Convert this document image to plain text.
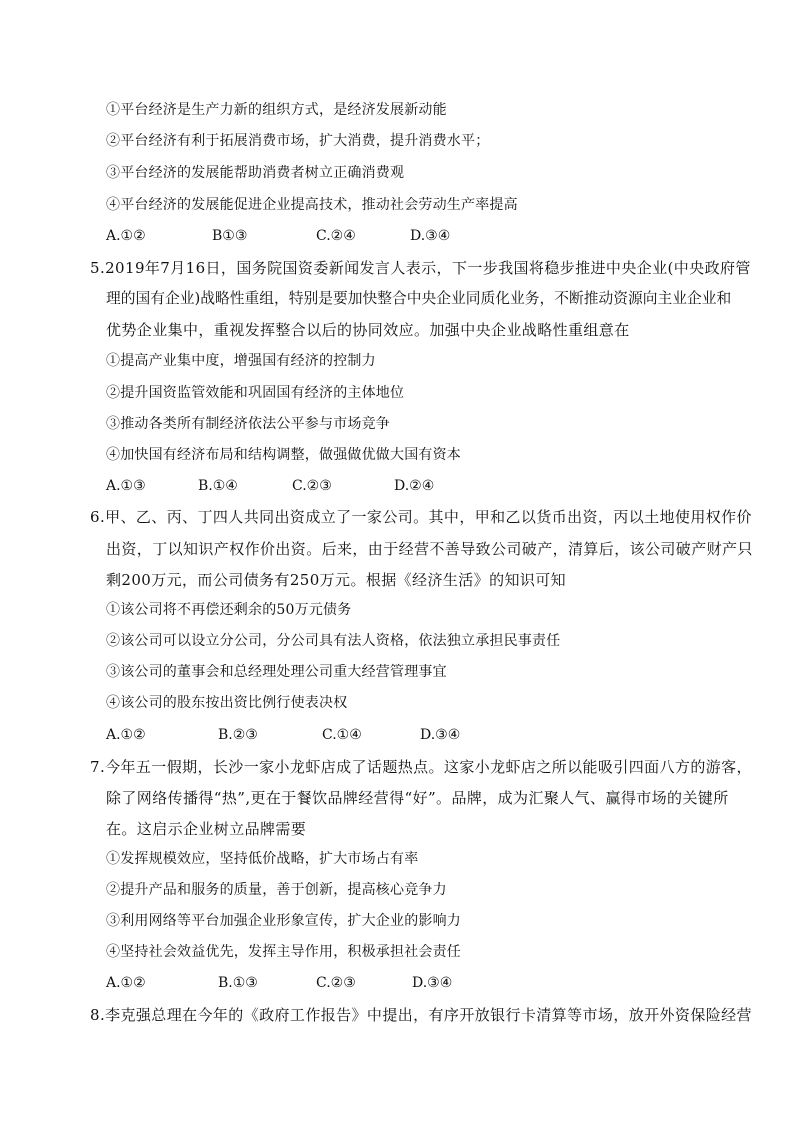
①平台经济是生产力新的组织方式，是经济发展新动能
②平台经济有利于拓展消费市场，扩大消费，提升消费水平；
③平台经济的发展能帮助消费者树立正确消费观
④平台经济的发展能促进企业提高技术，推动社会劳动生产率提高
A.①②	B①③	C.②④	D.③④
5.2019年7月16日，国务院国资委新闻发言人表示，下一步我国将稳步推进中央企业(中央政府管
理的国有企业)战略性重组，特别是要加快整合中央企业同质化业务，不断推动资源向主业企业和
优势企业集中，重视发挥整合以后的协同效应。加强中央企业战略性重组意在
①提高产业集中度，增强国有经济的控制力
②提升国资监管效能和巩固国有经济的主体地位
③推动各类所有制经济依法公平参与市场竞争
④加快国有经济布局和结构调整，做强做优做大国有资本
A.①③	B.①④	C.②③	D.②④
6.甲、乙、丙、丁四人共同出资成立了一家公司。其中，甲和乙以货币出资，丙以土地使用权作价
出资，丁以知识产权作价出资。后来，由于经营不善导致公司破产，清算后，该公司破产财产只
剩200万元，而公司债务有250万元。根据《经济生活》的知识可知
①该公司将不再偿还剩余的50万元债务
②该公司可以设立分公司，分公司具有法人资格，依法独立承担民事责任
③该公司的董事会和总经理处理公司重大经营管理事宜
④该公司的股东按出资比例行使表决权
A.①②	B.②③	C.①④	D.③④
7.今年五一假期，长沙一家小龙虾店成了话题热点。这家小龙虾店之所以能吸引四面八方的游客，
除了网络传播得“热”,更在于餐饮品牌经营得“好”。品牌，成为汇聚人气、赢得市场的关键所
在。这启示企业树立品牌需要
①发挥规模效应，坚持低价战略，扩大市场占有率
②提升产品和服务的质量，善于创新，提高核心竞争力
③利用网络等平台加强企业形象宣传，扩大企业的影响力
④坚持社会效益优先，发挥主导作用，积极承担社会责任
A.①②	B.①③	C.②③	D.③④
8.李克强总理在今年的《政府工作报告》中提出，有序开放银行卡清算等市场，放开外资保险经营
